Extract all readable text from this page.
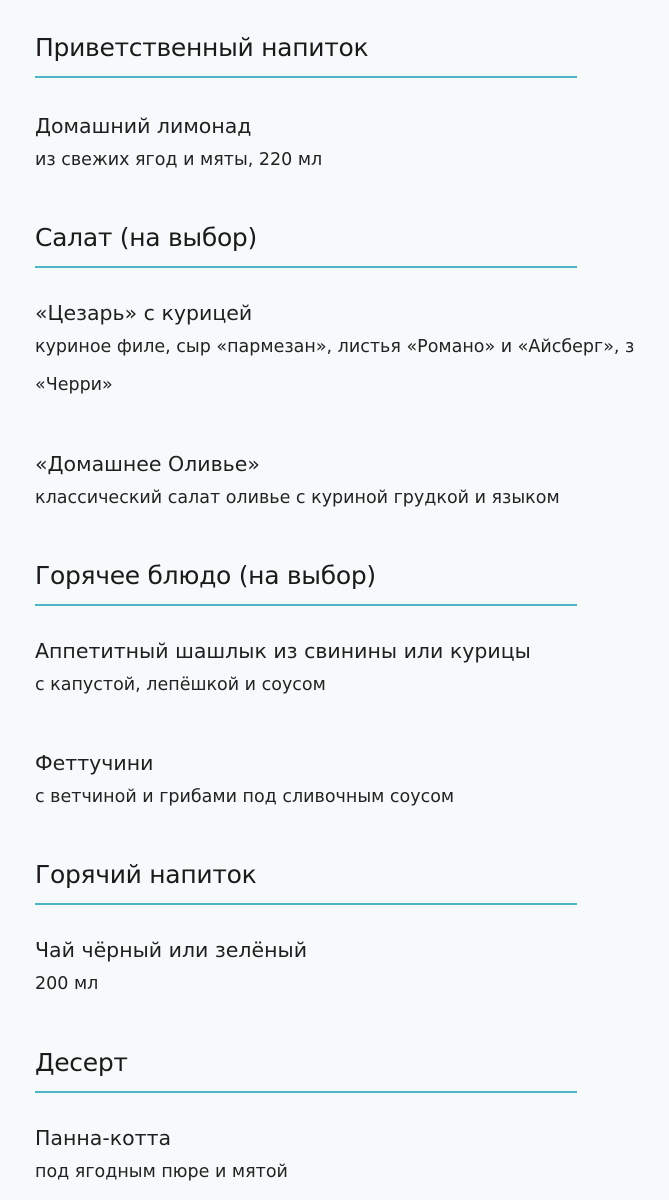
Приветственный напиток
Домашний лимонад
из свежих ягод и мяты, 220 мл
Салат (на выбор)
«Цезарь» с курицей
куриное филе, сыр «пармезан», листья «Романо» и «Айсберг», з
«Черри»
«Домашнее Оливье»
классический салат оливье с куриной грудкой и языком
Горячее блюдо (на выбор)
Аппетитный шашлык из свинины или курицы
с капустой, лепёшкой и соусом
Феттучини
с ветчиной и грибами под сливочным соусом
Горячий напиток
Чай чёрный или зелёный
200 мл
Десерт
Панна-котта
под ягодным пюре и мятой
